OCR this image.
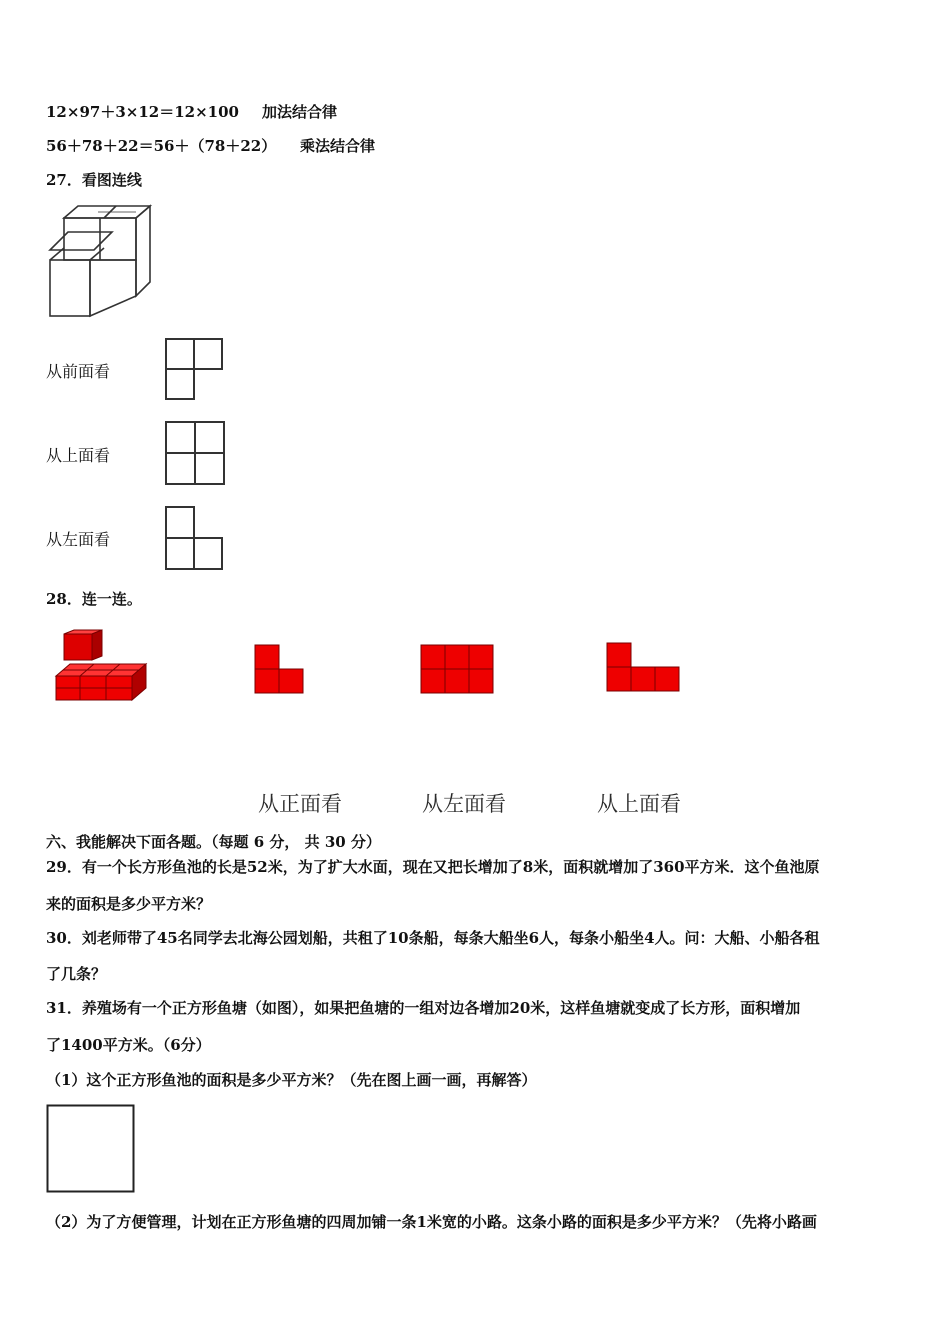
12×97＋3×12＝12×100 加法结合律
56＋78＋22＝56＋（78＋22） 乘法结合律
27．看图连线
从前面看
从上面看
从左面看
28．连一连。
从正面看	从左面看	从上面看
六、我能解决下面各题。（每题 6 分， 共 30 分）
29．有一个长方形鱼池的长是52米，为了扩大水面，现在又把长增加了8米，面积就增加了360平方米．这个鱼池原
来的面积是多少平方米？
30．刘老师带了45名同学去北海公园划船，共租了10条船，每条大船坐6人，每条小船坐4人。问：大船、小船各租
了几条？
31．养殖场有一个正方形鱼塘（如图），如果把鱼塘的一组对边各增加20米，这样鱼塘就变成了长方形，面积增加
了1400平方米。（6分）
（1）这个正方形鱼池的面积是多少平方米？（先在图上画一画，再解答）
（2）为了方便管理，计划在正方形鱼塘的四周加铺一条1米宽的小路。这条小路的面积是多少平方米？（先将小路画
